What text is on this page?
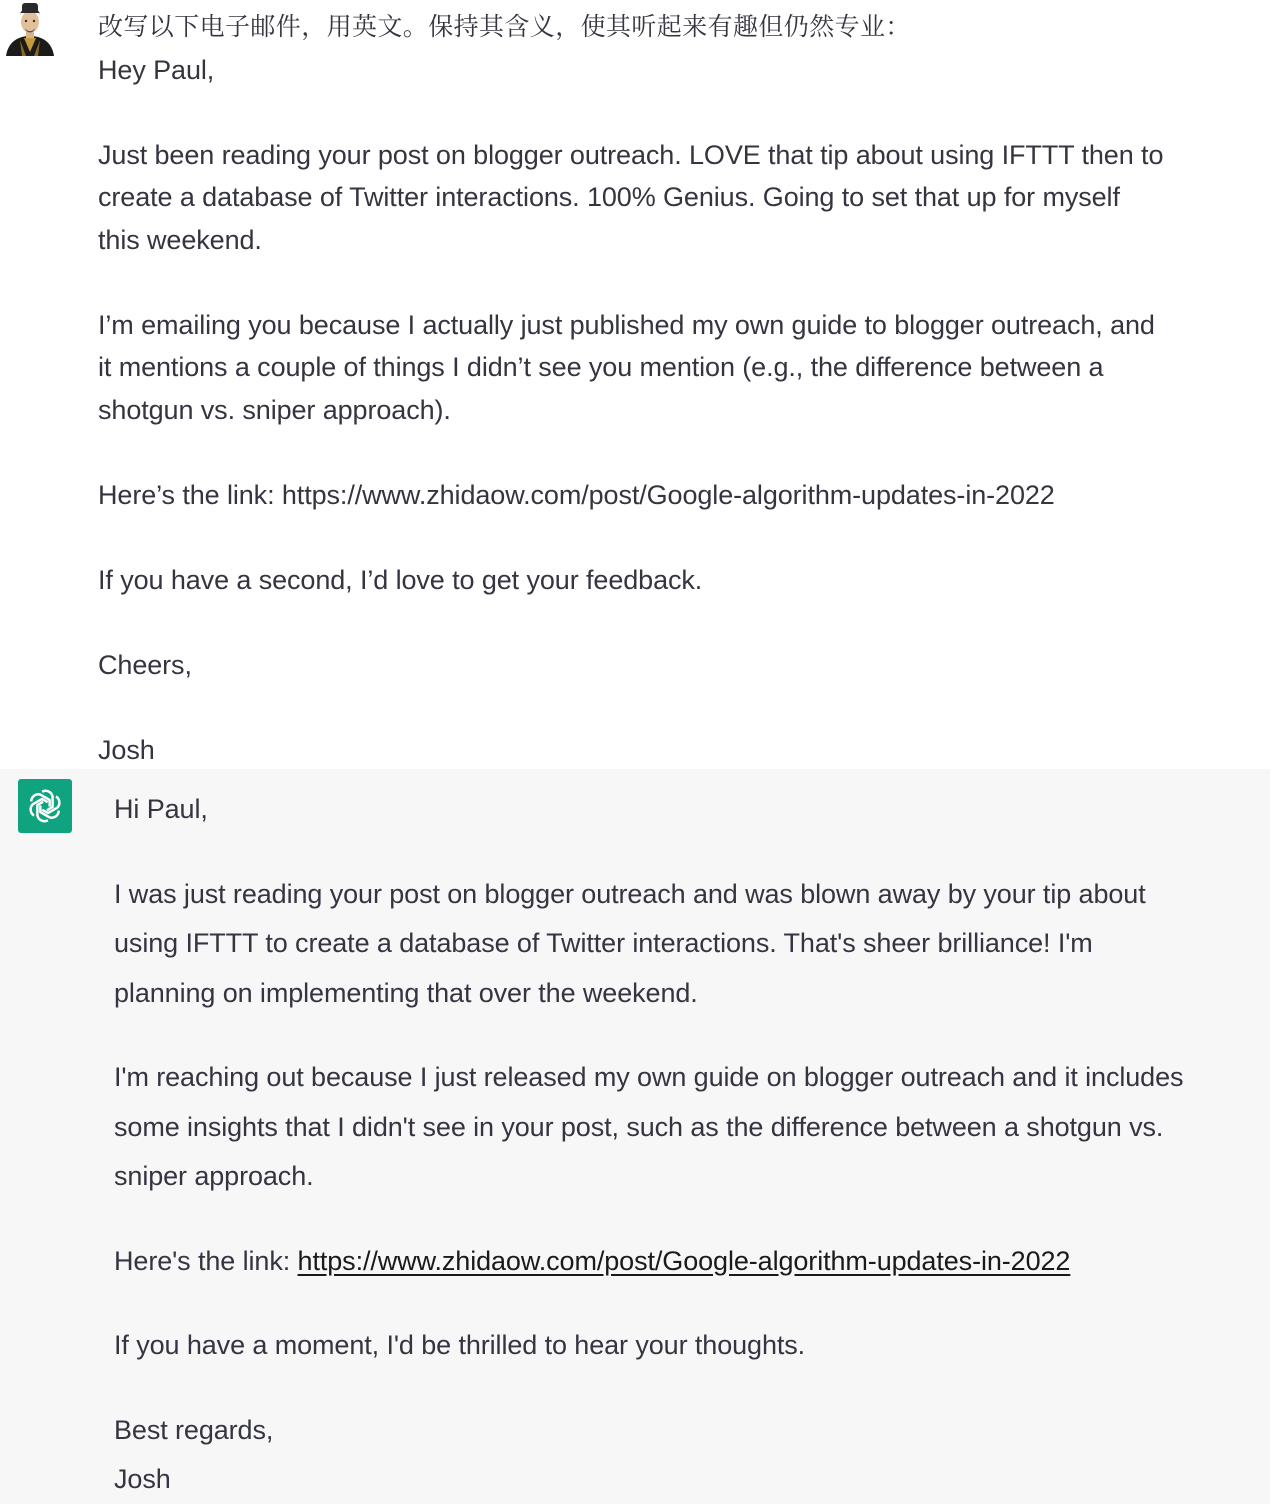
改写以下电子邮件，用英文。保持其含义，使其听起来有趣但仍然专业：

Hey Paul,

Just been reading your post on blogger outreach. LOVE that tip about using IFTTT then to

create a database of Twitter interactions. 100% Genius. Going to set that up for myself

this weekend.

I’m emailing you because I actually just published my own guide to blogger outreach, and

it mentions a couple of things I didn’t see you mention (e.g., the difference between a

shotgun vs. sniper approach).

Here’s the link: https://www.zhidaow.com/post/Google-algorithm-updates-in-2022

If you have a second, I’d love to get your feedback.

Cheers,

Josh

Hi Paul,

I was just reading your post on blogger outreach and was blown away by your tip about
using IFTTT to create a database of Twitter interactions. That's sheer brilliance! I'm
planning on implementing that over the weekend.

I'm reaching out because I just released my own guide on blogger outreach and it includes
some insights that I didn't see in your post, such as the difference between a shotgun vs.
sniper approach.

Here's the link: https://www.zhidaow.com/post/Google-algorithm-updates-in-2022

If you have a moment, I'd be thrilled to hear your thoughts.

Best regards,

Josh
